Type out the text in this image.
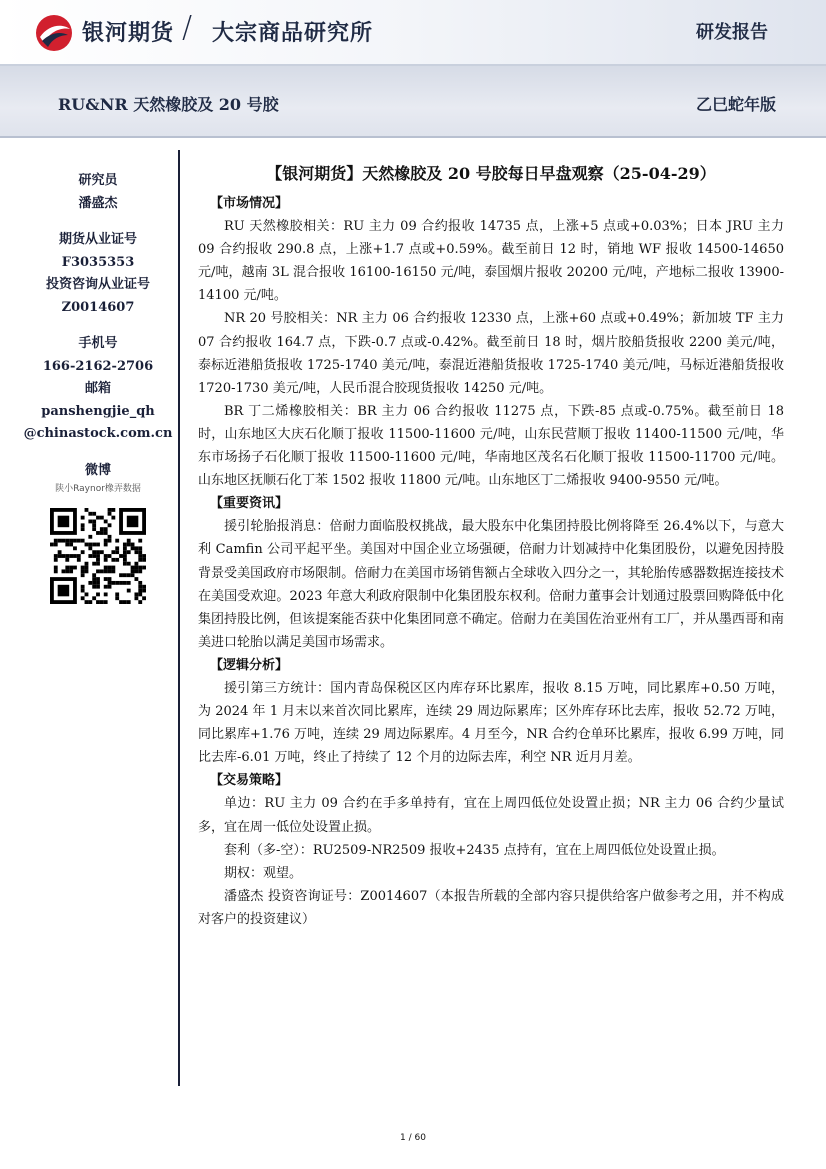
银河期货 / 大宗商品研究所	研发报告
RU&NR 天然橡胶及 20 号胶	乙巳蛇年版
研究员
潘盛杰
期货从业证号
F3035353
投资咨询从业证号
Z0014607
手机号
166-2162-2706
邮箱
panshengjie_qh
@chinastock.com.cn
微博
陕小Raynor橡弄数据
【银河期货】天然橡胶及 20 号胶每日早盘观察（25-04-29）
【市场情况】

RU 天然橡胶相关：RU 主力 09 合约报收 14735 点，上涨+5 点或+0.03%；日本 JRU 主力 09 合约报收 290.8 点，上涨+1.7 点或+0.59%。截至前日 12 时，销地 WF 报收 14500-14650 元/吨，越南 3L 混合报收 16100-16150 元/吨，泰国烟片报收 20200 元/吨，产地标二报收 13900-14100 元/吨。

NR 20 号胶相关：NR 主力 06 合约报收 12330 点，上涨+60 点或+0.49%；新加坡 TF 主力 07 合约报收 164.7 点，下跌-0.7 点或-0.42%。截至前日 18 时，烟片胶船货报收 2200 美元/吨，泰标近港船货报收 1725-1740 美元/吨，泰混近港船货报收 1725-1740 美元/吨，马标近港船货报收 1720-1730 美元/吨，人民币混合胶现货报收 14250 元/吨。

BR 丁二烯橡胶相关：BR 主力 06 合约报收 11275 点，下跌-85 点或-0.75%。截至前日 18 时，山东地区大庆石化顺丁报收 11500-11600 元/吨，山东民营顺丁报收 11400-11500 元/吨，华东市场扬子石化顺丁报收 11500-11600 元/吨，华南地区茂名石化顺丁报收 11500-11700 元/吨。山东地区抚顺石化丁苯 1502 报收 11800 元/吨。山东地区丁二烯报收 9400-9550 元/吨。

【重要资讯】

援引轮胎报消息：倍耐力面临股权挑战，最大股东中化集团持股比例将降至 26.4%以下，与意大利 Camfin 公司平起平坐。美国对中国企业立场强硬，倍耐力计划减持中化集团股份，以避免因持股背景受美国政府市场限制。倍耐力在美国市场销售额占全球收入四分之一，其轮胎传感器数据连接技术在美国受欢迎。2023 年意大利政府限制中化集团股东权利。倍耐力董事会计划通过股票回购降低中化集团持股比例，但该提案能否获中化集团同意不确定。倍耐力在美国佐治亚州有工厂，并从墨西哥和南美进口轮胎以满足美国市场需求。

【逻辑分析】

援引第三方统计：国内青岛保税区区内库存环比累库，报收 8.15 万吨，同比累库+0.50 万吨，为 2024 年 1 月末以来首次同比累库，连续 29 周边际累库；区外库存环比去库，报收 52.72 万吨，同比累库+1.76 万吨，连续 29 周边际累库。4 月至今，NR 合约仓单环比累库，报收 6.99 万吨，同比去库-6.01 万吨，终止了持续了 12 个月的边际去库，利空 NR 近月月差。

【交易策略】

单边：RU 主力 09 合约在手多单持有，宜在上周四低位处设置止损；NR 主力 06 合约少量试多，宜在周一低位处设置止损。

套利（多-空）：RU2509-NR2509 报收+2435 点持有，宜在上周四低位处设置止损。

期权：观望。

潘盛杰 投资咨询证号：Z0014607（本报告所载的全部内容只提供给客户做参考之用，并不构成对客户的投资建议）

1 / 60
